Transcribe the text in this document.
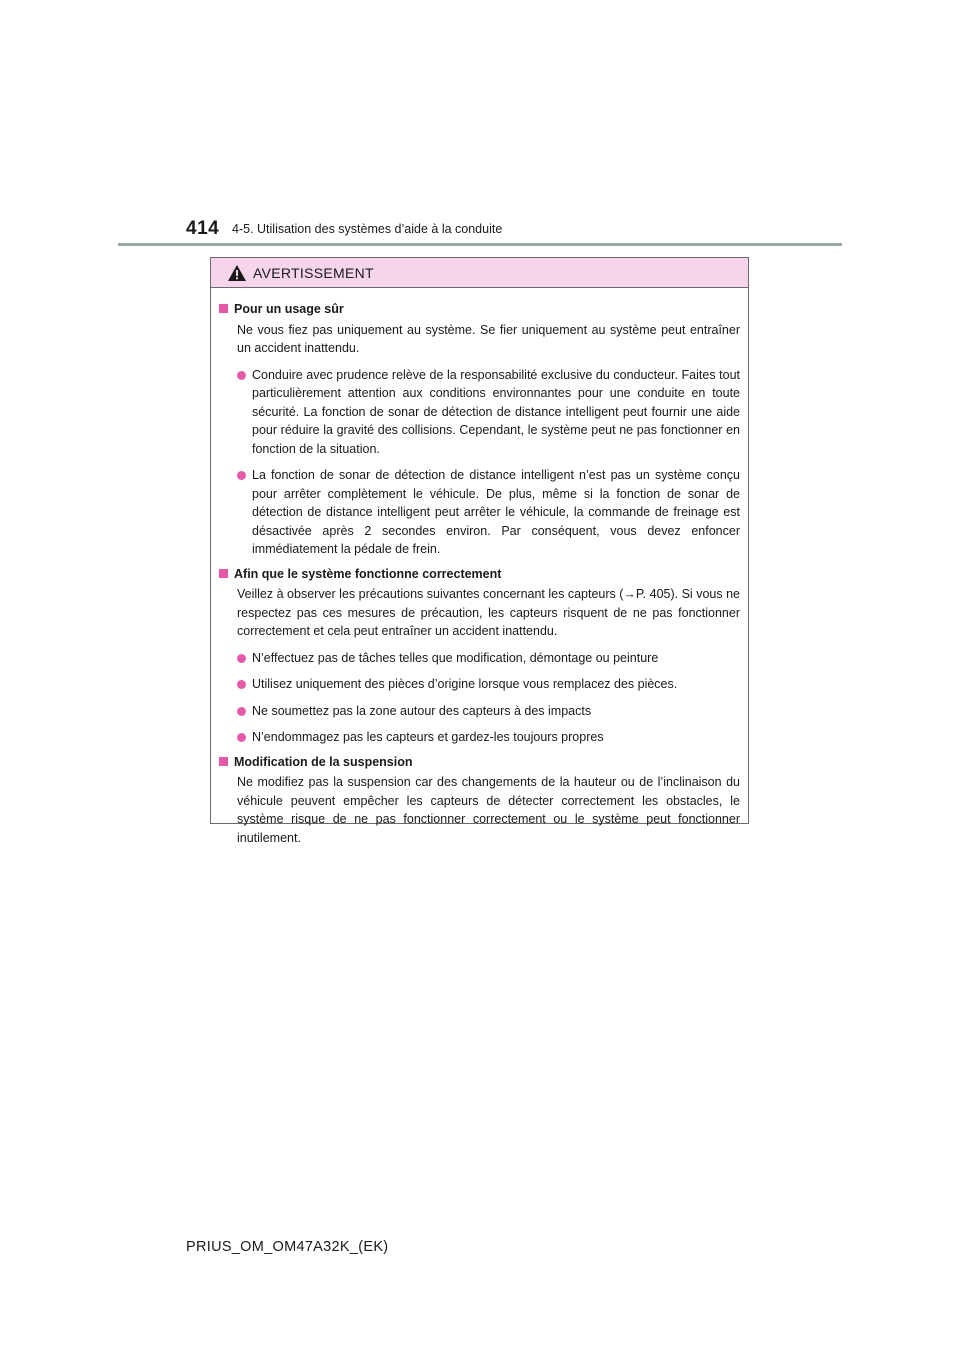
414 4-5. Utilisation des systèmes d’aide à la conduite
AVERTISSEMENT
Pour un usage sûr
Ne vous fiez pas uniquement au système. Se fier uniquement au système peut entraîner un accident inattendu.
Conduire avec prudence relève de la responsabilité exclusive du conducteur. Faites tout particulièrement attention aux conditions environnantes pour une conduite en toute sécurité. La fonction de sonar de détection de distance intelligent peut fournir une aide pour réduire la gravité des collisions. Cependant, le système peut ne pas fonctionner en fonction de la situation.
La fonction de sonar de détection de distance intelligent n’est pas un système conçu pour arrêter complètement le véhicule. De plus, même si la fonction de sonar de détection de distance intelligent peut arrêter le véhicule, la commande de freinage est désactivée après 2 secondes environ. Par conséquent, vous devez enfoncer immédiatement la pédale de frein.
Afin que le système fonctionne correctement
Veillez à observer les précautions suivantes concernant les capteurs (→P. 405). Si vous ne respectez pas ces mesures de précaution, les capteurs risquent de ne pas fonctionner correctement et cela peut entraîner un accident inattendu.
N’effectuez pas de tâches telles que modification, démontage ou peinture
Utilisez uniquement des pièces d’origine lorsque vous remplacez des pièces.
Ne soumettez pas la zone autour des capteurs à des impacts
N’endommagez pas les capteurs et gardez-les toujours propres
Modification de la suspension
Ne modifiez pas la suspension car des changements de la hauteur ou de l’inclinaison du véhicule peuvent empêcher les capteurs de détecter correctement les obstacles, le système risque de ne pas fonctionner correctement ou le système peut fonctionner inutilement.
PRIUS_OM_OM47A32K_(EK)
